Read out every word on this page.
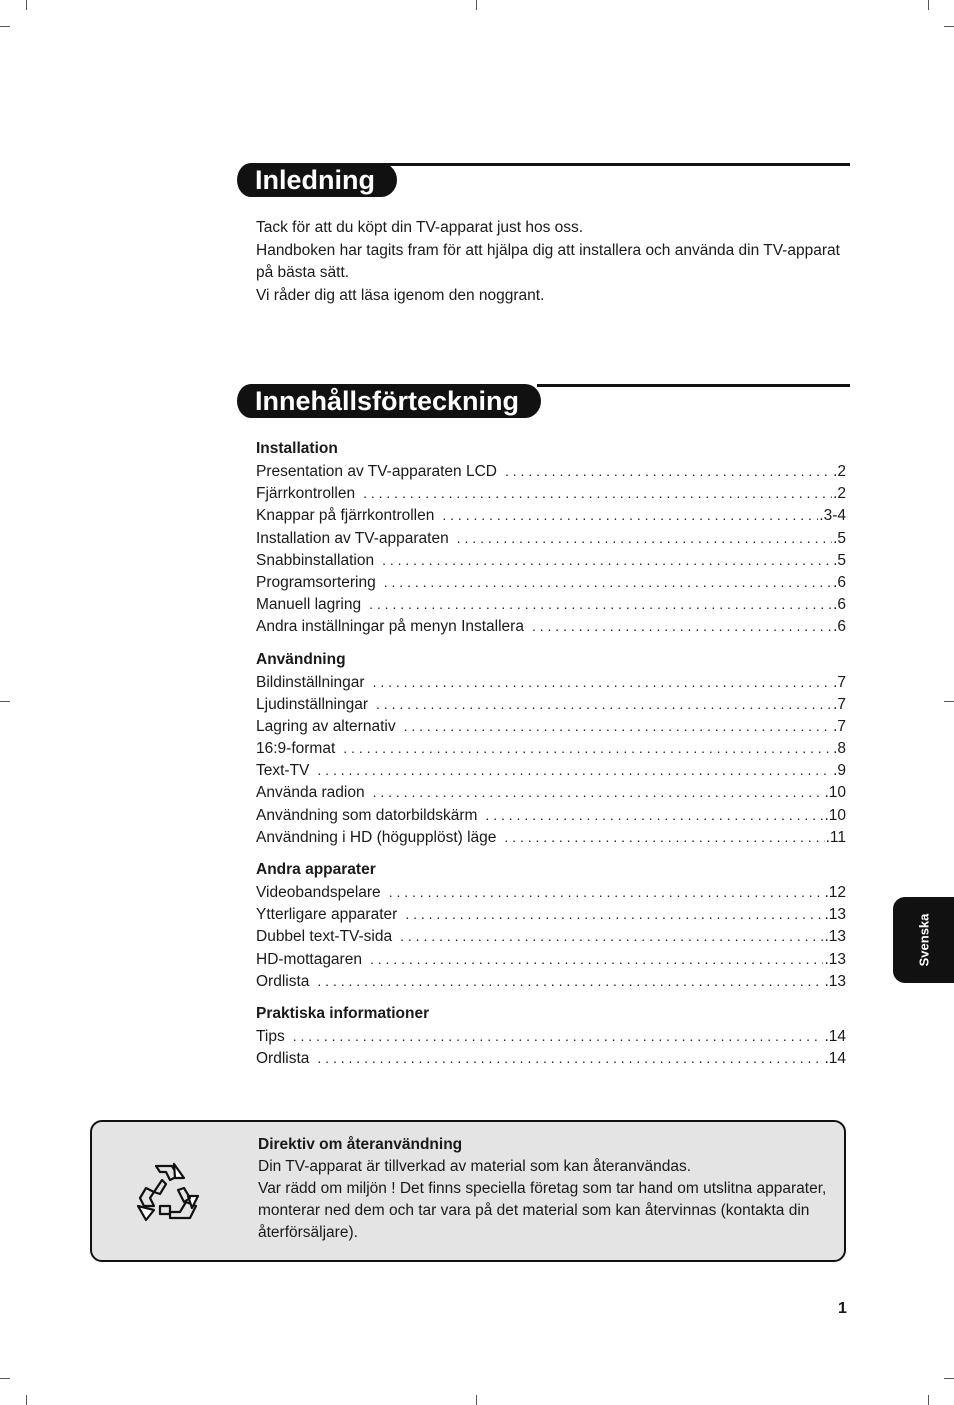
Inledning

Tack för att du köpt din TV-apparat just hos oss.

Handboken har tagits fram för att hjälpa dig att installera och använda din TV-apparat på bästa sätt.

Vi råder dig att läsa igenom den noggrant.

Innehållsförteckning
Installation
Presentation av TV-apparaten LCD . . .	.2
Fjärrkontrollen . . .	.2
Knappar på fjärrkontrollen . . .	.3-4
Installation av TV-apparaten . . .	.5
Snabbinstallation . . .	.5
Programsortering . . .	.6
Manuell lagring . . .	.6
Andra inställningar på menyn Installera . . .	.6
Användning
Bildinställningar . . .	.7
Ljudinställningar . . .	.7
Lagring av alternativ . . .	.7
16:9-format . . .	.8
Text-TV . . .	.9
Använda radion . . .	.10
Användning som datorbildskärm . . .	.10
Användning i HD (högupplöst) läge . . .	.11
Andra apparater
Videobandspelare . . .	.12
Ytterligare apparater . . .	.13
Dubbel text-TV-sida . . .	.13
HD-mottagaren . . .	.13
Ordlista . . .	.13
Praktiska informationer
Tips . . .	.14
Ordlista . . .	.14

Direktiv om återanvändning

Din TV-apparat är tillverkad av material som kan återanvändas.

Var rädd om miljön ! Det finns speciella företag som tar hand om utslitna apparater, monterar ned dem och tar vara på det material som kan återvinnas (kontakta din återförsäljare).

Svenska
1
